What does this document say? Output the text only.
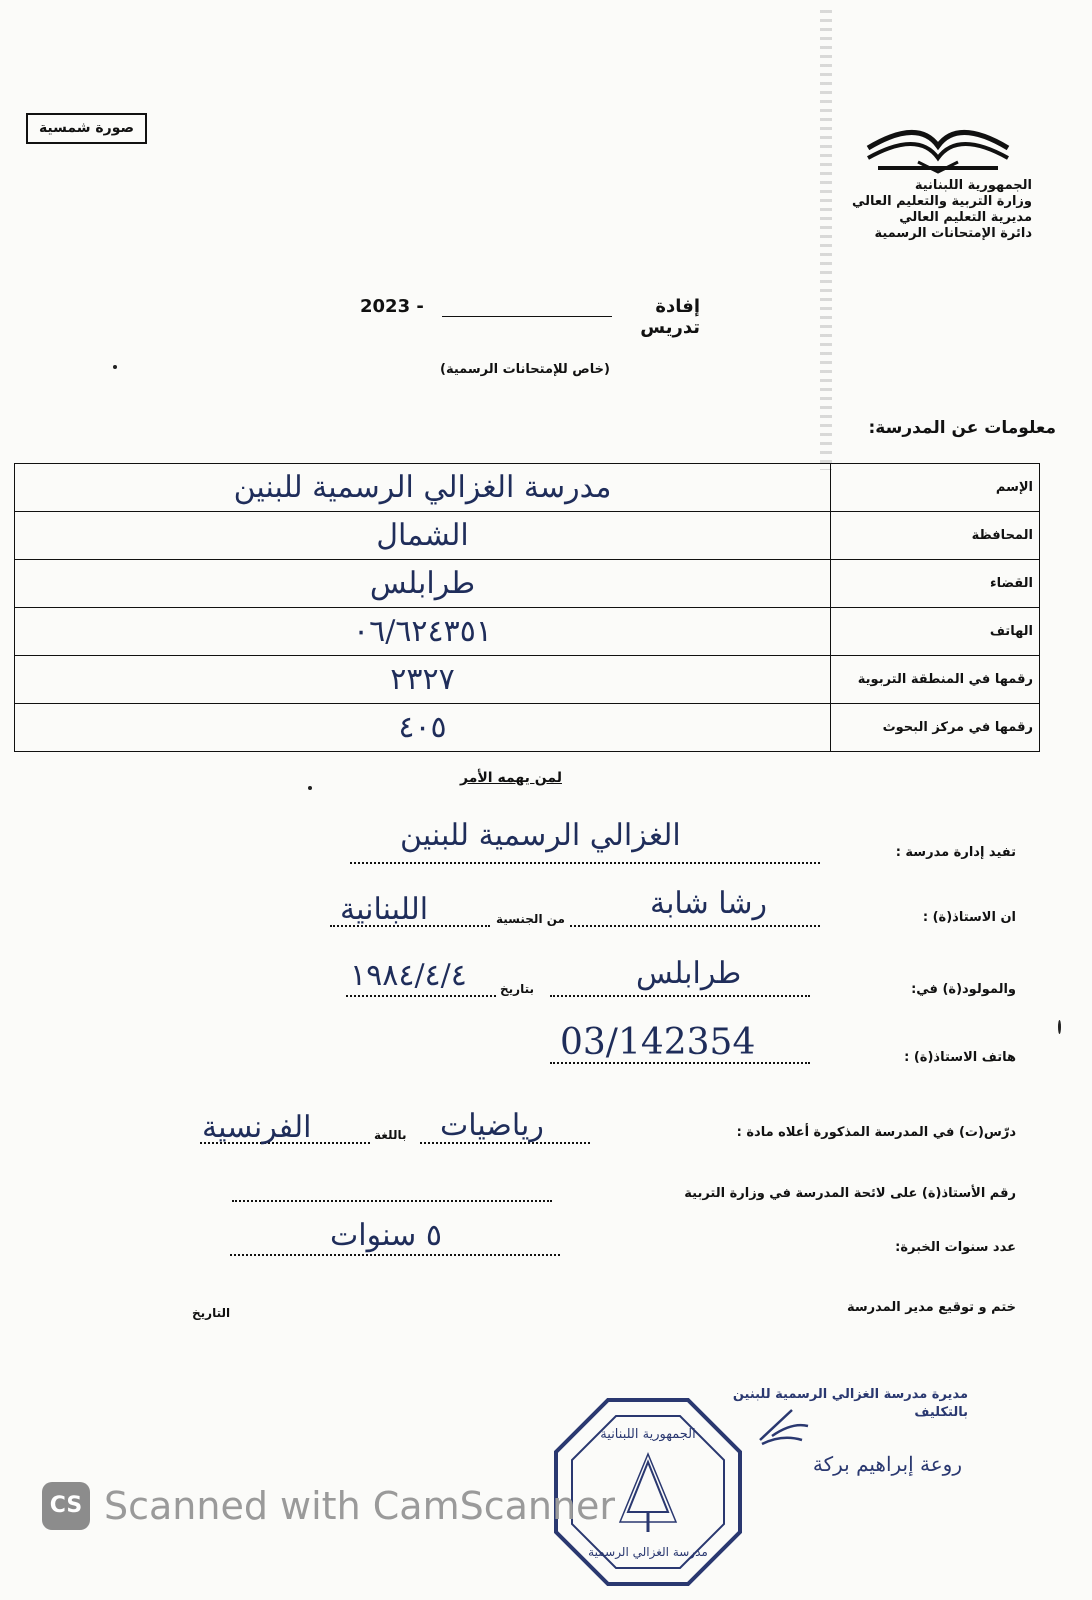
صورة شمسية
الجمهورية اللبنانية
وزارة التربية والتعليم العالي
مديرية التعليم العالي
دائرة الإمتحانات الرسمية
2023 -	إفادة تدريس
(خاص للإمتحانات الرسمية)
معلومات عن المدرسة:
الإسم	مدرسة الغزالي الرسمية للبنين
المحافظة	الشمال
القضاء	طرابلس
الهاتف	٠٦/٦٢٤٣٥١
رقمها في المنطقة التربوية	٢٣٢٧
رقمها في مركز البحوث	٤٠٥
لمن يهمه الأمر
تفيد إدارة مدرسة :
الغزالي الرسمية للبنين
ان الاستاذ(ة) :
رشا شابة
من الجنسية
اللبنانية
والمولود(ة) في:
طرابلس
بتاريخ
١٩٨٤/٤/٤
هاتف الاستاذ(ة) :
03/142354
درّس(ت) في المدرسة المذكورة أعلاه مادة :
رياضيات
باللغة
الفرنسية
رقم الأستاذ(ة) على لائحة المدرسة في وزارة التربية
عدد سنوات الخبرة:
٥ سنوات
ختم و توقيع مدير المدرسة
التاريخ
مديرة مدرسة الغزالي الرسمية للبنين
بالتكليف
روعة إبراهيم بركة
الجمهورية اللبنانية
مدرسة الغزالي الرسمية
CS Scanned with CamScanner
